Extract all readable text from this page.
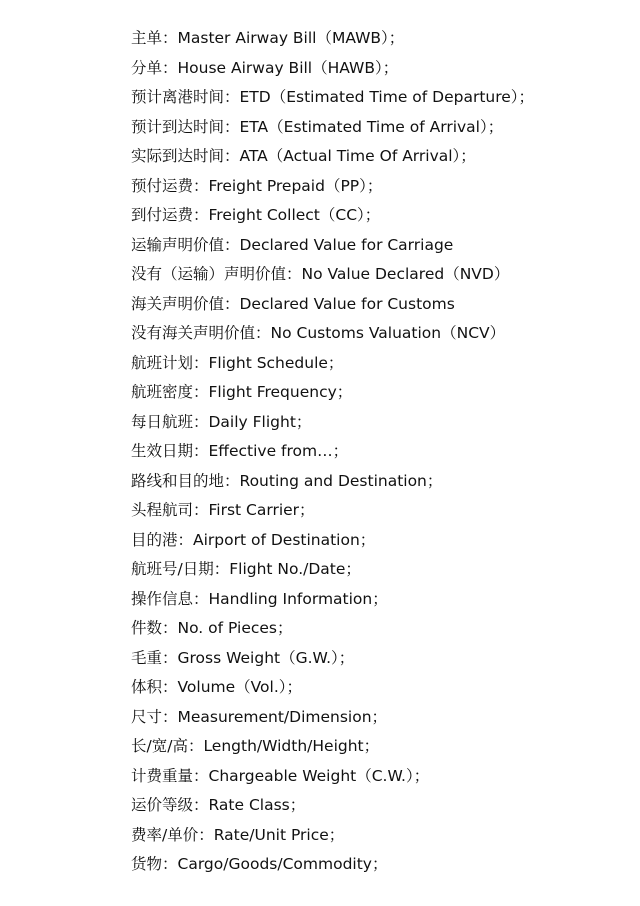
主单：Master Airway Bill（MAWB）；
分单：House Airway Bill（HAWB）；
预计离港时间：ETD（Estimated Time of Departure）；
预计到达时间：ETA（Estimated Time of Arrival）；
实际到达时间：ATA（Actual Time Of Arrival）；
预付运费：Freight Prepaid（PP）；
到付运费：Freight Collect（CC）；
运输声明价值：Declared Value for Carriage
没有（运输）声明价值：No Value Declared（NVD）
海关声明价值：Declared Value for Customs
没有海关声明价值：No Customs Valuation（NCV）
航班计划：Flight Schedule；
航班密度：Flight Frequency；
每日航班：Daily Flight；
生效日期：Effective from…；
路线和目的地：Routing and Destination；
头程航司：First Carrier；
目的港：Airport of Destination；
航班号/日期：Flight No./Date；
操作信息：Handling Information；
件数：No. of Pieces；
毛重：Gross Weight（G.W.）；
体积：Volume（Vol.）；
尺寸：Measurement/Dimension；
长/宽/高：Length/Width/Height；
计费重量：Chargeable Weight（C.W.）；
运价等级：Rate Class；
费率/单价：Rate/Unit Price；
货物：Cargo/Goods/Commodity；
